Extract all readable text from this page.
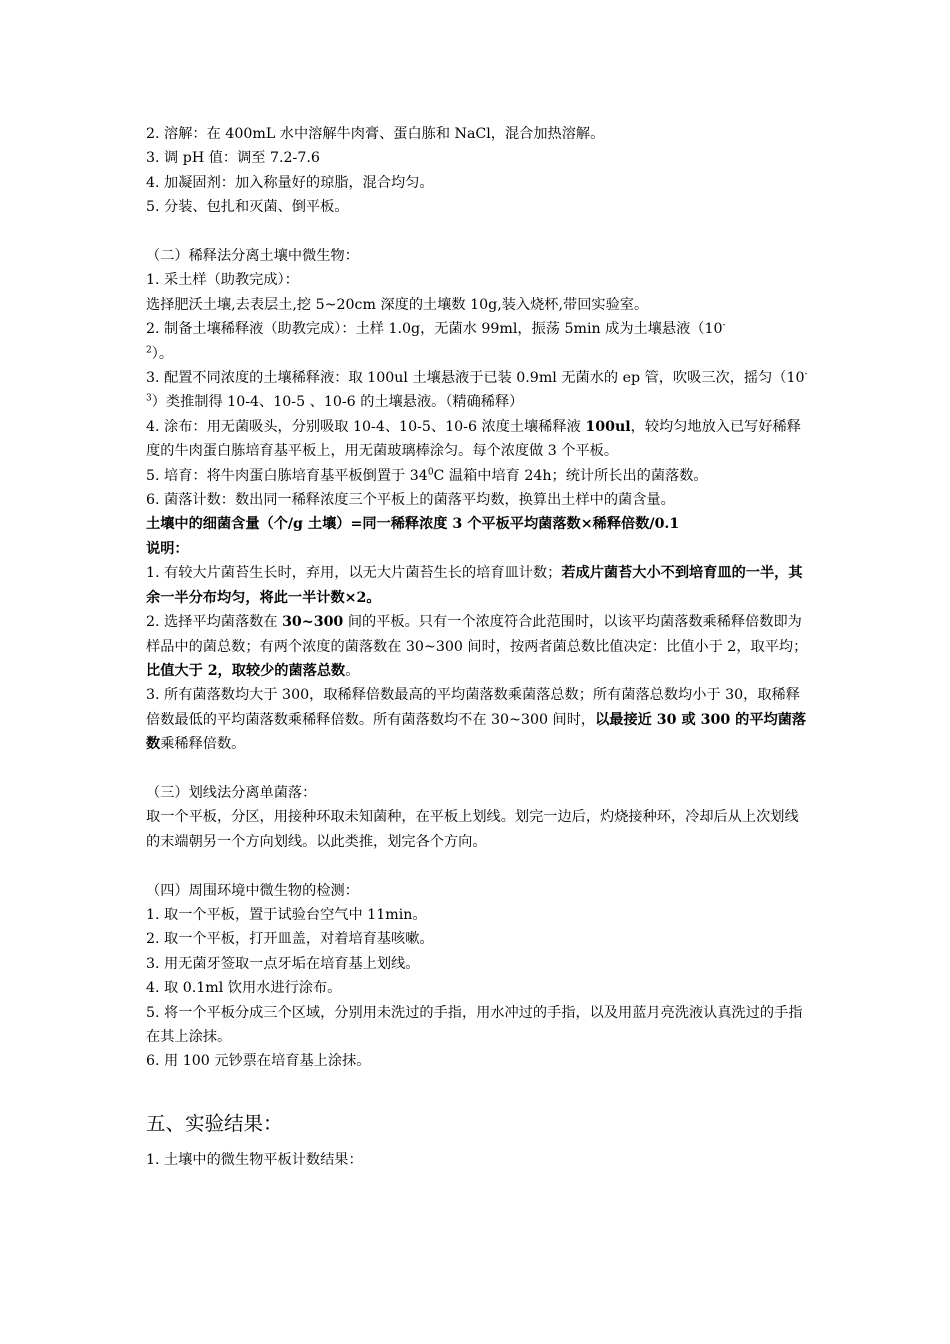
2. 溶解：在 400mL 水中溶解牛肉膏、蛋白胨和 NaCl，混合加热溶解。

3. 调 pH 值：调至 7.2-7.6

4. 加凝固剂：加入称量好的琼脂，混合均匀。

5. 分装、包扎和灭菌、倒平板。

（二）稀释法分离土壤中微生物：

1. 采土样（助教完成）：

选择肥沃土壤,去表层土,挖 5~20cm 深度的土壤数 10g,装入烧杯,带回实验室。

2. 制备土壤稀释液（助教完成）：土样 1.0g，无菌水 99ml，振荡 5min 成为土壤悬液（10-
$^2$）。

3. 配置不同浓度的土壤稀释液：取 100ul 土壤悬液于已装 0.9ml 无菌水的 ep 管，吹吸三次，摇匀$(10^{-3})$类推制得 10-4、10-5 、10-6 的土壤悬液。（精确稀释）

4. 涂布：用无菌吸头，分别吸取 10-4、10-5、10-6 浓度土壤稀释液 100ul，较均匀地放入已写好稀释度的牛肉蛋白胨培育基平板上，用无菌玻璃棒涂匀。每个浓度做 3 个平板。

5. 培育：将牛肉蛋白胨培育基平板倒置于 $34^0C$ 温箱中培育 24h；统计所长出的菌落数。

6. 菌落计数：数出同一稀释浓度三个平板上的菌落平均数，换算出土样中的菌含量。

土壤中的细菌含量（个/g 土壤）=同一稀释浓度 3 个平板平均菌落数×稀释倍数/0.1

说明：

1. 有较大片菌苔生长时，弃用，以无大片菌苔生长的培育皿计数；若成片菌苔大小不到培育皿的一半，其余一半分布均匀，将此一半计数×2。

2. 选择平均菌落数在 30~300 间的平板。只有一个浓度符合此范围时，以该平均菌落数乘稀释倍数即为样品中的菌总数；有两个浓度的菌落数在 30~300 间时，按两者菌总数比值决定：比值小于 2，取平均；比值大于 2，取较少的菌落总数。

3. 所有菌落数均大于 300，取稀释倍数最高的平均菌落数乘菌落总数；所有菌落总数均小于 30，取稀释倍数最低的平均菌落数乘稀释倍数。所有菌落数均不在 30~300 间时，以最接近 30 或 300 的平均菌落数乘稀释倍数。

（三）划线法分离单菌落：

取一个平板，分区，用接种环取未知菌种，在平板上划线。划完一边后，灼烧接种环，冷却后从上次划线的末端朝另一个方向划线。以此类推，划完各个方向。

（四）周围环境中微生物的检测：

1. 取一个平板，置于试验台空气中 11min。

2. 取一个平板，打开皿盖，对着培育基咳嗽。

3. 用无菌牙签取一点牙垢在培育基上划线。

4. 取 0.1ml 饮用水进行涂布。

5. 将一个平板分成三个区域，分别用未洗过的手指，用水冲过的手指，以及用蓝月亮洗液认真洗过的手指在其上涂抹。

6. 用 100 元钞票在培育基上涂抹。

五、实验结果：

1. 土壤中的微生物平板计数结果：
